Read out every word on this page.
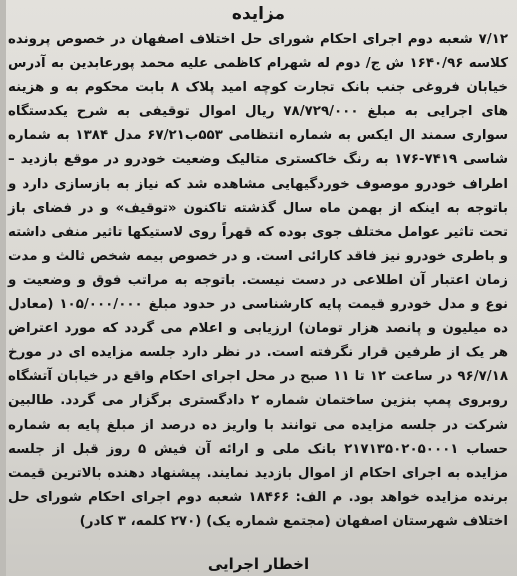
مزایده

۷/۱۲ شعبه دوم اجرای احکام شورای حل اختلاف اصفهان در خصوص پرونده کلاسه ۱۶۴۰/۹۶ ش ج/ دوم له شهرام کاظمی علیه محمد پورعابدین به آدرس خیابان فروغی جنب بانک تجارت کوچه امید پلاک ۸ بابت محکوم به و هزینه های اجرایی به مبلغ ۷۸/۷۲۹/۰۰۰ ریال اموال توقیفی به شرح یکدستگاه سواری سمند ال ایکس به شماره انتظامی ۵۵۳ب۶۷/۲۱ مدل ۱۳۸۴ به شماره شاسی ۷۴۱۹-۱۷۶ به رنگ خاکستری متالیک وضعیت خودرو در موقع بازدید – اطراف خودرو موصوف خوردگیهایی مشاهده شد که نیاز به بازسازی دارد و باتوجه به اینکه از بهمن ماه سال گذشته تاکنون «توقیف» و در فضای باز تحت تاثیر عوامل مختلف جوی بوده که قهراً روی لاستیکها تاثیر منفی داشته و باطری خودرو نیز فاقد کارائی است. و در خصوص بیمه شخص ثالث و مدت زمان اعتبار آن اطلاعی در دست نیست. باتوجه به مراتب فوق و وضعیت و نوع و مدل خودرو قیمت پایه کارشناسی در حدود مبلغ ۱۰۵/۰۰۰/۰۰۰ (معادل ده میلیون و پانصد هزار تومان) ارزیابی و اعلام می گردد که مورد اعتراض هر یک از طرفین قرار نگرفته است. در نظر دارد جلسه مزایده ای در مورخ ۹۶/۷/۱۸ در ساعت ۱۲ تا ۱۱ صبح در محل اجرای احکام واقع در خیابان آتشگاه روبروی پمپ بنزین ساختمان شماره ۲ دادگستری برگزار می گردد. طالبین شرکت در جلسه مزایده می توانند با واریز ده درصد از مبلغ پایه به شماره حساب ۲۱۷۱۳۵۰۲۰۵۰۰۰۱ بانک ملی و ارائه آن فیش ۵ روز قبل از جلسه مزایده به اجرای احکام از اموال بازدید نمایند. پیشنهاد دهنده بالاترین قیمت برنده مزایده خواهد بود. م الف: ۱۸۴۶۶ شعبه دوم اجرای احکام شورای حل اختلاف شهرستان اصفهان (مجتمع شماره یک) (۲۷۰ کلمه، ۳ کادر)

اخطار اجرایی
